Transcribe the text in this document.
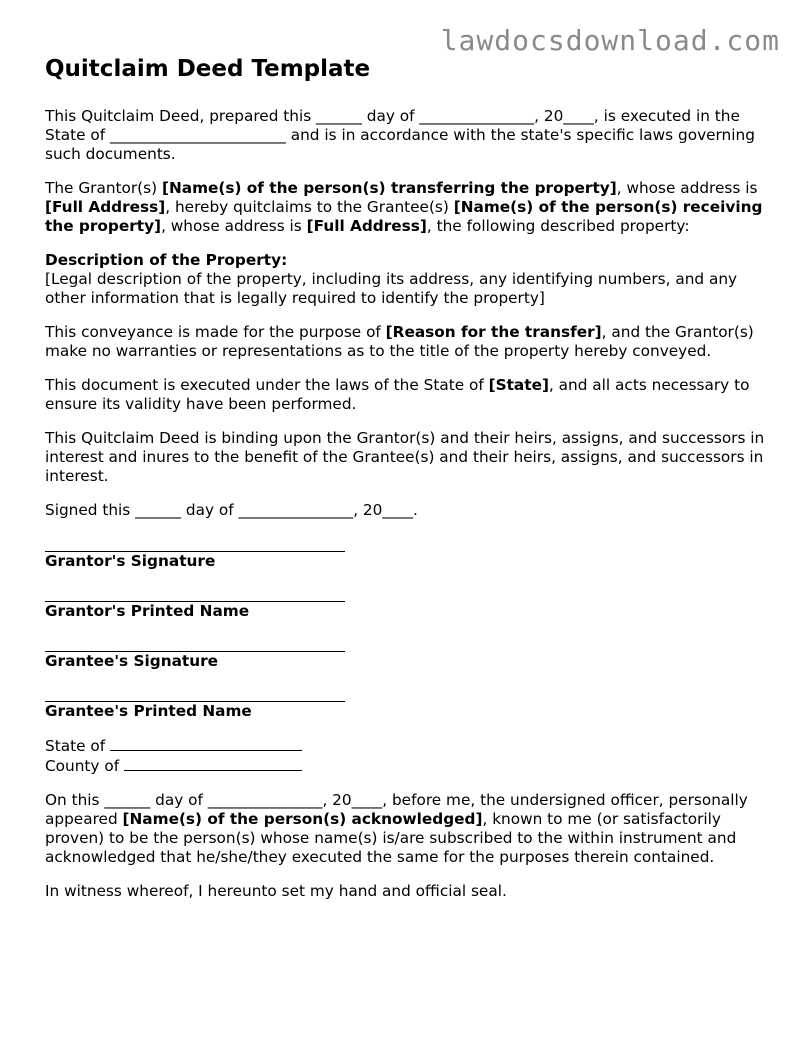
lawdocsdownload.com
Quitclaim Deed Template

This Quitclaim Deed, prepared this ______ day of _______________, 20____, is executed in the State of _______________________ and is in accordance with the state's specific laws governing such documents.

The Grantor(s) [Name(s) of the person(s) transferring the property], whose address is [Full Address], hereby quitclaims to the Grantee(s) [Name(s) of the person(s) receiving the property], whose address is [Full Address], the following described property:

Description of the Property:
[Legal description of the property, including its address, any identifying numbers, and any other information that is legally required to identify the property]

This conveyance is made for the purpose of [Reason for the transfer], and the Grantor(s) make no warranties or representations as to the title of the property hereby conveyed.

This document is executed under the laws of the State of [State], and all acts necessary to ensure its validity have been performed.

This Quitclaim Deed is binding upon the Grantor(s) and their heirs, assigns, and successors in interest and inures to the benefit of the Grantee(s) and their heirs, assigns, and successors in interest.

Signed this ______ day of _______________, 20____.

Grantor's Signature
Grantor's Printed Name
Grantee's Signature
Grantee's Printed Name
State of
County of

On this ______ day of _______________, 20____, before me, the undersigned officer, personally appeared [Name(s) of the person(s) acknowledged], known to me (or satisfactorily proven) to be the person(s) whose name(s) is/are subscribed to the within instrument and acknowledged that he/she/they executed the same for the purposes therein contained.

In witness whereof, I hereunto set my hand and official seal.
